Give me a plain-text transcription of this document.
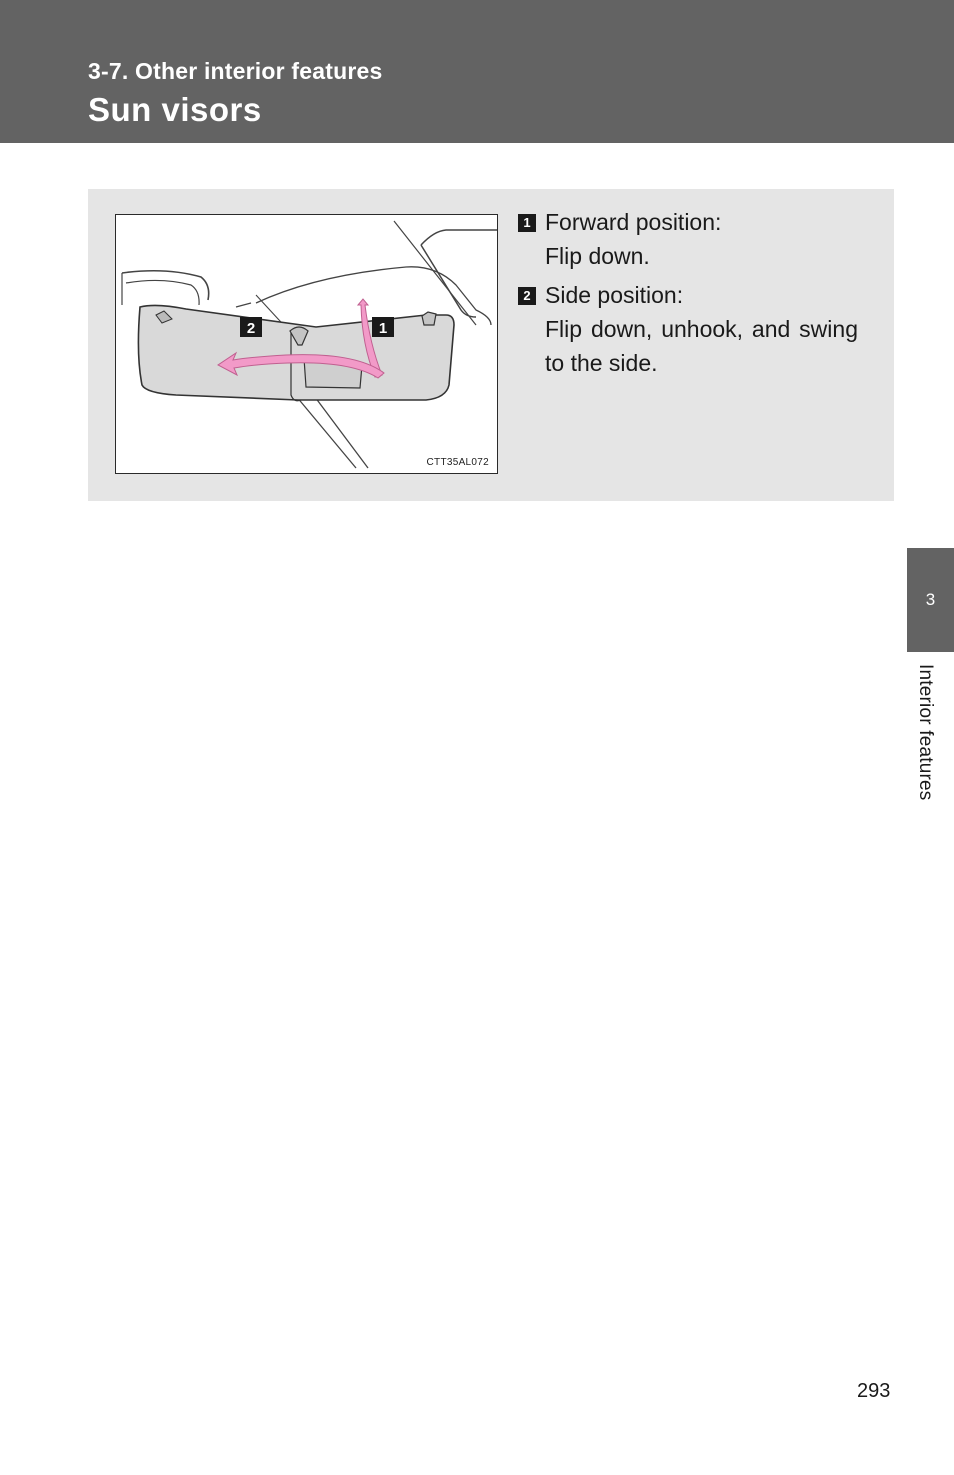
3-7. Other interior features
Sun visors
2	1
CTT35AL072
1 Forward position:
Flip down.
2 Side position:
Flip down, unhook, and swing to the side.
3
Interior features
293
